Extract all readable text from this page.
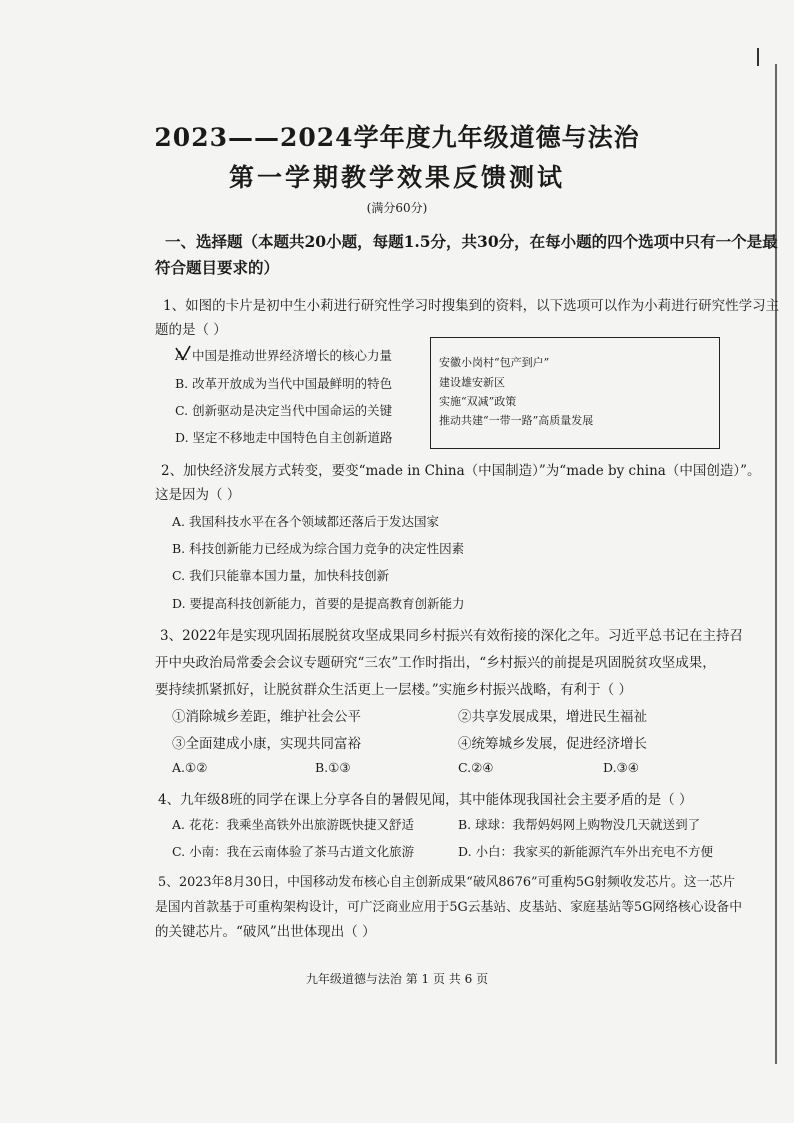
2023——2024学年度九年级道德与法治
第一学期教学效果反馈测试
(满分60分)
一、选择题（本题共20小题，每题1.5分，共30分，在每小题的四个选项中只有一个是最
符合题目要求的）
1、如图的卡片是初中生小莉进行研究性学习时搜集到的资料，以下选项可以作为小莉进行研究性学习主
题的是（ ）
A. 中国是推动世界经济增长的核心力量
B. 改革开放成为当代中国最鲜明的特色
C. 创新驱动是决定当代中国命运的关键
D. 坚定不移地走中国特色自主创新道路
安徽小岗村“包产到户”
建设雄安新区
实施“双减”政策
推动共建“一带一路”高质量发展
2、加快经济发展方式转变，要变“made in China（中国制造）”为“made by china（中国创造）”。
这是因为（ ）
A. 我国科技水平在各个领域都还落后于发达国家
B. 科技创新能力已经成为综合国力竞争的决定性因素
C. 我们只能靠本国力量，加快科技创新
D. 要提高科技创新能力，首要的是提高教育创新能力
3、2022年是实现巩固拓展脱贫攻坚成果同乡村振兴有效衔接的深化之年。习近平总书记在主持召
开中央政治局常委会会议专题研究“三农”工作时指出，“乡村振兴的前提是巩固脱贫攻坚成果，
要持续抓紧抓好，让脱贫群众生活更上一层楼。”实施乡村振兴战略，有利于（ ）
①消除城乡差距，维护社会公平	②共享发展成果，增进民生福祉
③全面建成小康，实现共同富裕	④统筹城乡发展，促进经济增长
A.①②	B.①③	C.②④	D.③④
4、九年级8班的同学在课上分享各自的暑假见闻，其中能体现我国社会主要矛盾的是（ ）
A. 花花：我乘坐高铁外出旅游既快捷又舒适	B. 球球：我帮妈妈网上购物没几天就送到了
C. 小南：我在云南体验了茶马古道文化旅游	D. 小白：我家买的新能源汽车外出充电不方便
5、2023年8月30日，中国移动发布核心自主创新成果“破风8676”可重构5G射频收发芯片。这一芯片
是国内首款基于可重构架构设计，可广泛商业应用于5G云基站、皮基站、家庭基站等5G网络核心设备中
的关键芯片。“破风”出世体现出（ ）
九年级道德与法治 第 1 页 共 6 页
